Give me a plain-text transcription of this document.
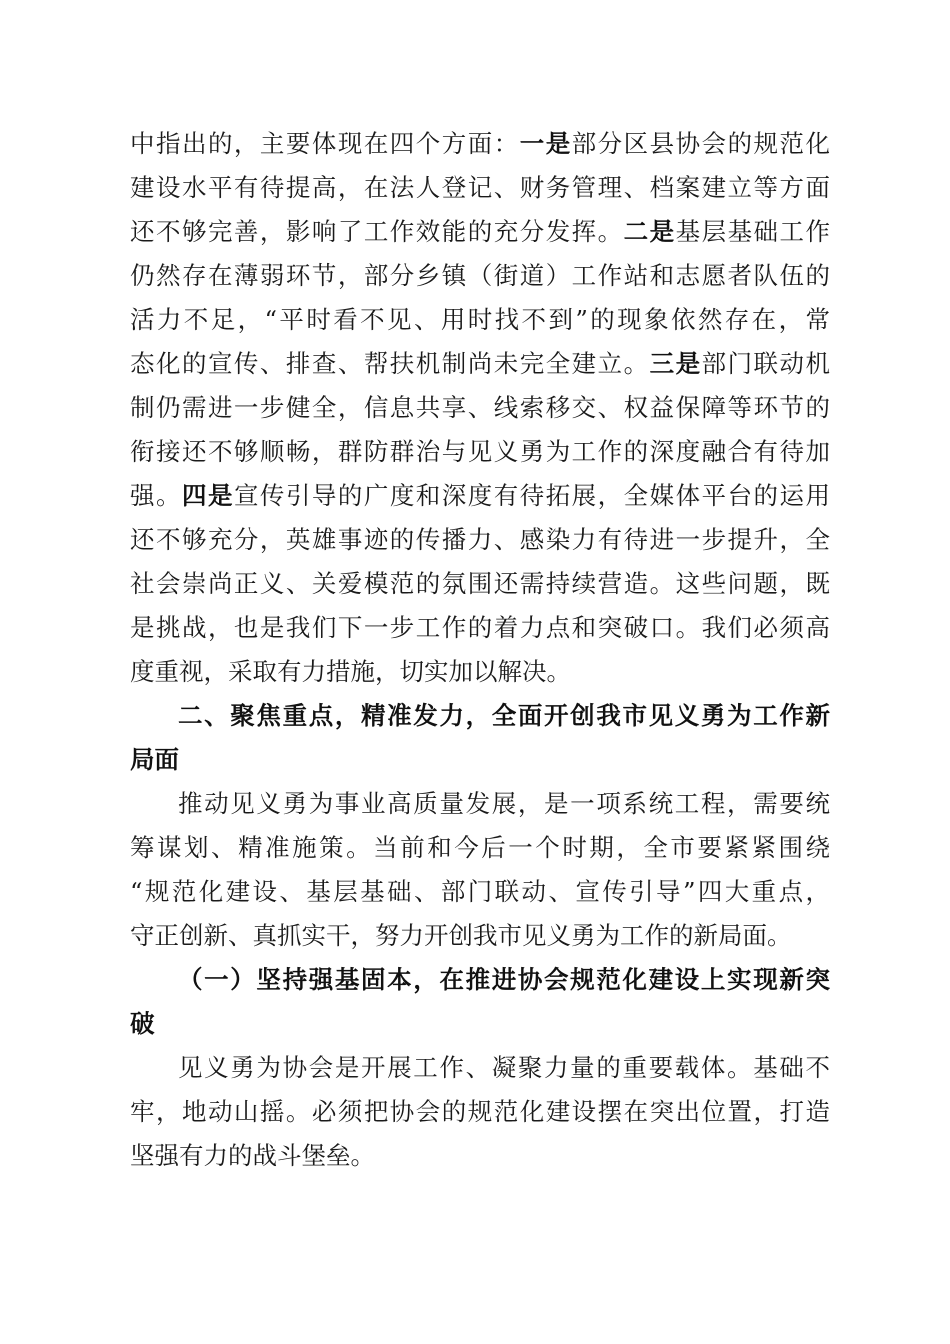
中指出的，主要体现在四个方面：一是部分区县协会的规范化
建设水平有待提高，在法人登记、财务管理、档案建立等方面
还不够完善，影响了工作效能的充分发挥。二是基层基础工作
仍然存在薄弱环节，部分乡镇（街道）工作站和志愿者队伍的
活力不足，“平时看不见、用时找不到”的现象依然存在，常
态化的宣传、排查、帮扶机制尚未完全建立。三是部门联动机
制仍需进一步健全，信息共享、线索移交、权益保障等环节的
衔接还不够顺畅，群防群治与见义勇为工作的深度融合有待加
强。四是宣传引导的广度和深度有待拓展，全媒体平台的运用
还不够充分，英雄事迹的传播力、感染力有待进一步提升，全
社会崇尚正义、关爱模范的氛围还需持续营造。这些问题，既
是挑战，也是我们下一步工作的着力点和突破口。我们必须高
度重视，采取有力措施，切实加以解决。
二、聚焦重点，精准发力，全面开创我市见义勇为工作新
局面
推动见义勇为事业高质量发展，是一项系统工程，需要统
筹谋划、精准施策。当前和今后一个时期，全市要紧紧围绕
“规范化建设、基层基础、部门联动、宣传引导”四大重点，
守正创新、真抓实干，努力开创我市见义勇为工作的新局面。
（一）坚持强基固本，在推进协会规范化建设上实现新突
破
见义勇为协会是开展工作、凝聚力量的重要载体。基础不
牢，地动山摇。必须把协会的规范化建设摆在突出位置，打造
坚强有力的战斗堡垒。
